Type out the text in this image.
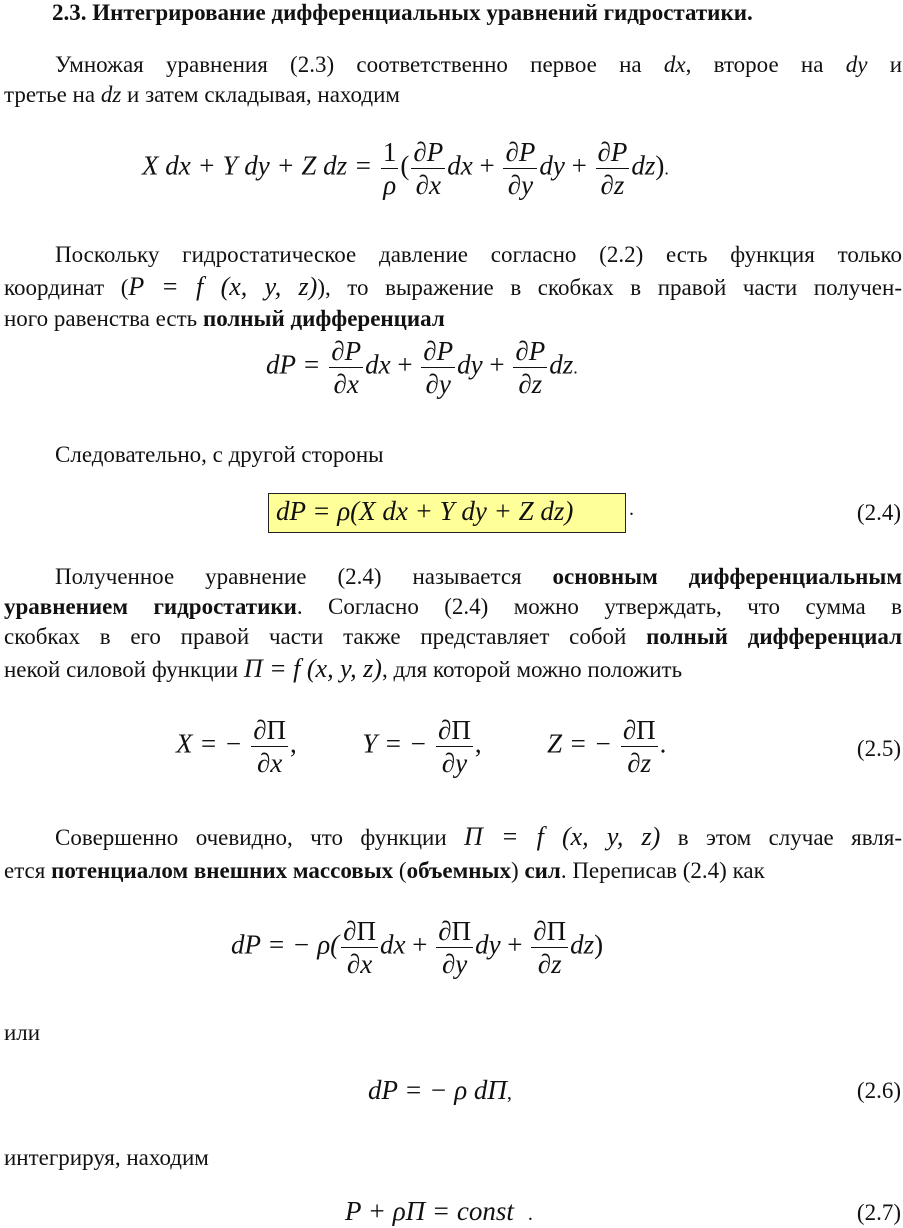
2.3. Интегрирование дифференциальных уравнений гидростатики.
Умножая уравнения (2.3) соответственно первое на dx, второе на dy и
третье на dz и затем складывая, находим
X dx + Y dy + Z dz = $\frac{1}{\rho}$ ( $\frac{\partial P}{\partial x}$ dx + $\frac{\partial P}{\partial y}$ dy + $\frac{\partial P}{\partial z} dz$).
Поскольку гидростатическое давление согласно (2.2) есть функция только
координат (P = f (x, y, z)), то выражение в скобках в правой части получен-
ного равенства есть полный дифференциал
dP = $\frac{\partial P}{\partial x}$ dx + $\frac{\partial P}{\partial y}$ dy + $\frac{\partial P}{\partial z}$ dz.
Следовательно, с другой стороны
dP = ρ(X dx + Y dy + Z dz)	.	(2.4)
Полученное уравнение (2.4) называется основным дифференциальным
уравнением гидростатики. Согласно (2.4) можно утверждать, что сумма в
скобках в его правой части также представляет собой полный дифференциал
некой силовой функции Π = f (x, y, z), для которой можно положить
X = − $\frac{\partial\Pi}{\partial x}$ , Y = − $\frac{\partial\Pi}{\partial y}$ , Z = − $\frac{\partial\Pi}{\partial z}$ .	(2.5)
Совершенно очевидно, что функции Π = f (x, y, z) в этом случае явля-
ется потенциалом внешних массовых (объемных) сил. Переписав (2.4) как
dP = − $\rho( \frac{\partial\Pi}{\partial x}$ dx + $\frac{\partial\Pi}{\partial y}$ dy + $\frac{\partial\Pi}{\partial z} dz$)
или
dP = − ρ dΠ,	(2.6)
интегрируя, находим
P + ρΠ = const .	(2.7)
